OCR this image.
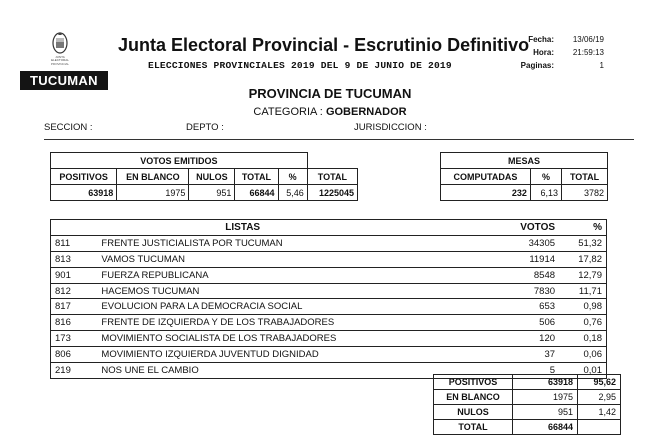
JUNTA ELECTORAL
PROVINCIAL
TUCUMAN
Junta Electoral Provincial - Escrutinio Definitivo
ELECCIONES PROVINCIALES 2019 DEL 9 DE JUNIO DE 2019
Fecha: 13/06/19
Hora: 21:59:13
Paginas:	1
PROVINCIA DE TUCUMAN
CATEGORIA : GOBERNADOR
SECCION :	DEPTO :	JURISDICCION :
VOTOS EMITIDOS					
POSITIVOS	EN BLANCO	NULOS	TOTAL	%	TOTAL
63918	1975	951	66844	5,46	1225045
MESAS		
COMPUTADAS	%	TOTAL
232	6,13	3782
	LISTAS		VOTOS	%
811	FRENTE JUSTICIALISTA POR TUCUMAN		34305	51,32
813	VAMOS TUCUMAN		11914	17,82
901	FUERZA REPUBLICANA		8548	12,79
812	HACEMOS TUCUMAN		7830	11,71
817	EVOLUCION PARA LA DEMOCRACIA SOCIAL		653	0,98
816	FRENTE DE IZQUIERDA Y DE LOS TRABAJADORES		506	0,76
173	MOVIMIENTO SOCIALISTA DE LOS TRABAJADORES		120	0,18
806	MOVIMIENTO IZQUIERDA JUVENTUD DIGNIDAD		37	0,06
219	NOS UNE EL CAMBIO		5	0,01
POSITIVOS	63918	95,62
EN BLANCO	1975	2,95
NULOS	951	1,42
TOTAL	66844	
